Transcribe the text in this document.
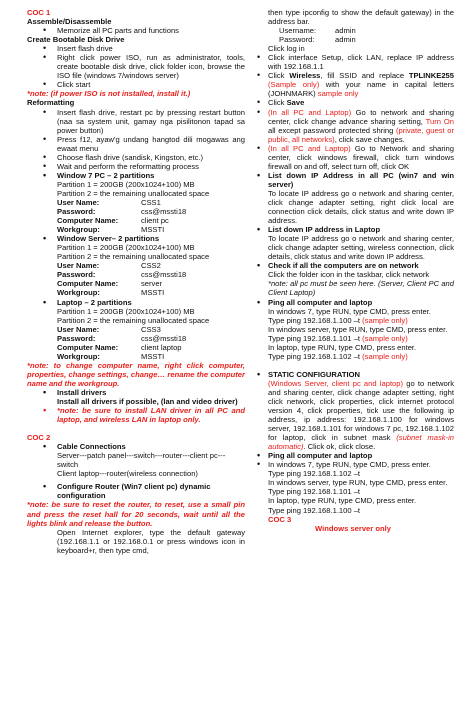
COC 1
Assemble/Disassemble
• Memorize all PC parts and functions
Create Bootable Disk Drive
• Insert flash drive
• Right click power ISO, run as administrator, tools, create bootable disk drive, click folder icon, browse the ISO file (windows 7/windows server)
• Click start
*note: (if power ISO is not installed, install it.)
Reformatting
• Insert flash drive, restart pc by pressing restart button (naa sa system unit, gamay nga pisilitonon tapad sa power button)
• Press f12, ayaw'g undang hangtod dili mogawas ang ewaat menu
• Choose flash drive (sandisk, Kingston, etc.)
• Wait and perform the reformatting process
• Window 7 PC – 2 partitions
Partition 1 = 200GB (200x1024+100) MB
Partition 2 = the remaining unallocated space
User Name:	CSS1
Password:	css@mssti18
Computer Name:	client pc
Workgroup:	MSSTI
• Window Server– 2 partitions
Partition 1 = 200GB (200x1024+100) MB
Partition 2 = the remaining unallocated space
User Name:	CSS2
Password:	css@mssti18
Computer Name:	server
Workgroup:	MSSTI
• Laptop – 2 partitions
Partition 1 = 200GB (200x1024+100) MB
Partition 2 = the remaining unallocated space
User Name:	CSS3
Password:	css@mssti18
Computer Name:	client laptop
Workgroup:	MSSTI
*note: to change computer name, right click computer, properties, change settings, change… rename the computer name and the workgroup.
• Install drivers
Install all drivers if possible, (lan and video driver)
• *note: be sure to install LAN driver in all PC and laptop, and wireless LAN in laptop only.
COC 2
• Cable Connections
Server---patch panel---switch---router---client pc---switch
Client laptop---router(wireless connection)
• Configure Router (Win7 client pc) dynamic configuration
*note: be sure to reset the router, to reset, use a small pin and press the reset hall for 20 seconds, wait until all the lights blink and release the button.
Open Internet explorer, type the default gateway (192.168.1.1 or 192.168.0.1 or press windows icon in keyboard+r, then type cmd,
then type ipconfig to show the default gateway) in the address bar.
Username:	admin
Password:	admin
Click log in
• Click interface Setup, click LAN, replace IP address with 192.168.1.1
• Click Wireless, fill SSID and replace TPLINKE255 (Sample only) with your name in capital letters (JOHNMARK) sample only
• Click Save
• (In all PC and Laptop) Go to network and sharing center, click change advance sharing setting, Turn On all except password protected shring (private, guest or public, all networks), click save changes.
• (In all PC and Laptop) Go to Network and sharing center, click windows firewall, click turn windows firewall on and off, select turn off, click OK
• List down IP Address in all PC (win7 and win server)
To locate IP address go o network and sharing center, click change adapter setting, right click local are connection click details, click status and write down IP address.
• List down IP address in Laptop
To locate IP address go o network and sharing center, click change adapter setting, wireless connection, click details, click status and write down IP address.
• Check if all the computers are on network
Click the folder icon in the taskbar, click network
*note: all pc must be seen here. (Server, Client PC and Client Laptop)
• Ping all computer and laptop
In windows 7, type RUN, type CMD, press enter.
Type ping 192.168.1.100 –t (sample only)
In windows server, type RUN, type CMD, press enter.
Type ping 192.168.1.101 –t (sample only)
In laptop, type RUN, type CMD, press enter.
Type ping 192.168.1.102 –t (sample only)
• STATIC CONFIGURATION
(Windows Server, client pc and laptop) go to network and sharing center, click change adapter setting, right click network, click properties, click internet protocol version 4, click properties, tick use the following ip address, ip address: 192.168.1.100 for windows server, 192.168.1.101 for windows 7 pc, 192.168.1.102 for laptop, click in subnet mask (subnet mask-in automatic). Click ok, click close.
• Ping all computer and laptop
• In windows 7, type RUN, type CMD, press enter.
Type ping 192.168.1.102 –t
In windows server, type RUN, type CMD, press enter.
Type ping 192.168.1.101 –t
In laptop, type RUN, type CMD, press enter.
Type ping 192.168.1.100 –t
COC 3
Windows server only
